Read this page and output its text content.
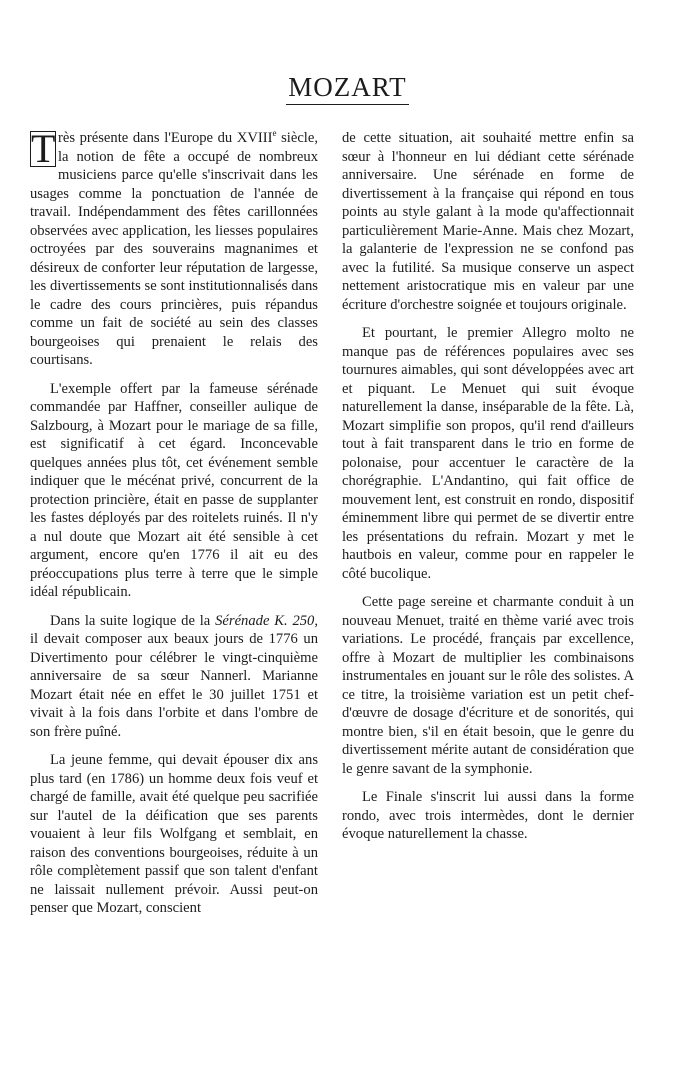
MOZART

T rès présente dans l'Europe du XVIIIe siècle, la notion de fête a occupé de nombreux musiciens parce qu'elle s'inscrivait dans les usages comme la ponctuation de l'année de travail. Indépendamment des fêtes carillonnées observées avec application, les liesses populaires octroyées par des souverains magnanimes et désireux de conforter leur réputation de largesse, les divertissements se sont institutionnalisés dans le cadre des cours princières, puis répandus comme un fait de société au sein des classes bourgeoises qui prenaient le relais des courtisans.

L'exemple offert par la fameuse sérénade commandée par Haffner, conseiller aulique de Salzbourg, à Mozart pour le mariage de sa fille, est significatif à cet égard. Inconcevable quelques années plus tôt, cet événement semble indiquer que le mécénat privé, concurrent de la protection princière, était en passe de supplanter les fastes déployés par des roitelets ruinés. Il n'y a nul doute que Mozart ait été sensible à cet argument, encore qu'en 1776 il ait eu des préoccupations plus terre à terre que le simple idéal républicain.

Dans la suite logique de la Sérénade K. 250, il devait composer aux beaux jours de 1776 un Divertimento pour célébrer le vingt-cinquième anniversaire de sa sœur Nannerl. Marianne Mozart était née en effet le 30 juillet 1751 et vivait à la fois dans l'orbite et dans l'ombre de son frère puîné.

La jeune femme, qui devait épouser dix ans plus tard (en 1786) un homme deux fois veuf et chargé de famille, avait été quelque peu sacrifiée sur l'autel de la déification que ses parents vouaient à leur fils Wolfgang et semblait, en raison des conventions bourgeoises, réduite à un rôle complètement passif que son talent d'enfant ne laissait nullement prévoir. Aussi peut-on penser que Mozart, conscient

de cette situation, ait souhaité mettre enfin sa sœur à l'honneur en lui dédiant cette sérénade anniversaire. Une sérénade en forme de divertissement à la française qui répond en tous points au style galant à la mode qu'affectionnait particulièrement Marie-Anne. Mais chez Mozart, la galanterie de l'expression ne se confond pas avec la futilité. Sa musique conserve un aspect nettement aristocratique mis en valeur par une écriture d'orchestre soignée et toujours originale.

Et pourtant, le premier Allegro molto ne manque pas de références populaires avec ses tournures aimables, qui sont développées avec art et piquant. Le Menuet qui suit évoque naturellement la danse, inséparable de la fête. Là, Mozart simplifie son propos, qu'il rend d'ailleurs tout à fait transparent dans le trio en forme de polonaise, pour accentuer le caractère de la chorégraphie. L'Andantino, qui fait office de mouvement lent, est construit en rondo, dispositif éminemment libre qui permet de se divertir entre les présentations du refrain. Mozart y met le hautbois en valeur, comme pour en rappeler le côté bucolique.

Cette page sereine et charmante conduit à un nouveau Menuet, traité en thème varié avec trois variations. Le procédé, français par excellence, offre à Mozart de multiplier les combinaisons instrumentales en jouant sur le rôle des solistes. A ce titre, la troisième variation est un petit chef-d'œuvre de dosage d'écriture et de sonorités, qui montre bien, s'il en était besoin, que le genre du divertissement mérite autant de considération que le genre savant de la symphonie.

Le Finale s'inscrit lui aussi dans la forme rondo, avec trois intermèdes, dont le dernier évoque naturellement la chasse.
